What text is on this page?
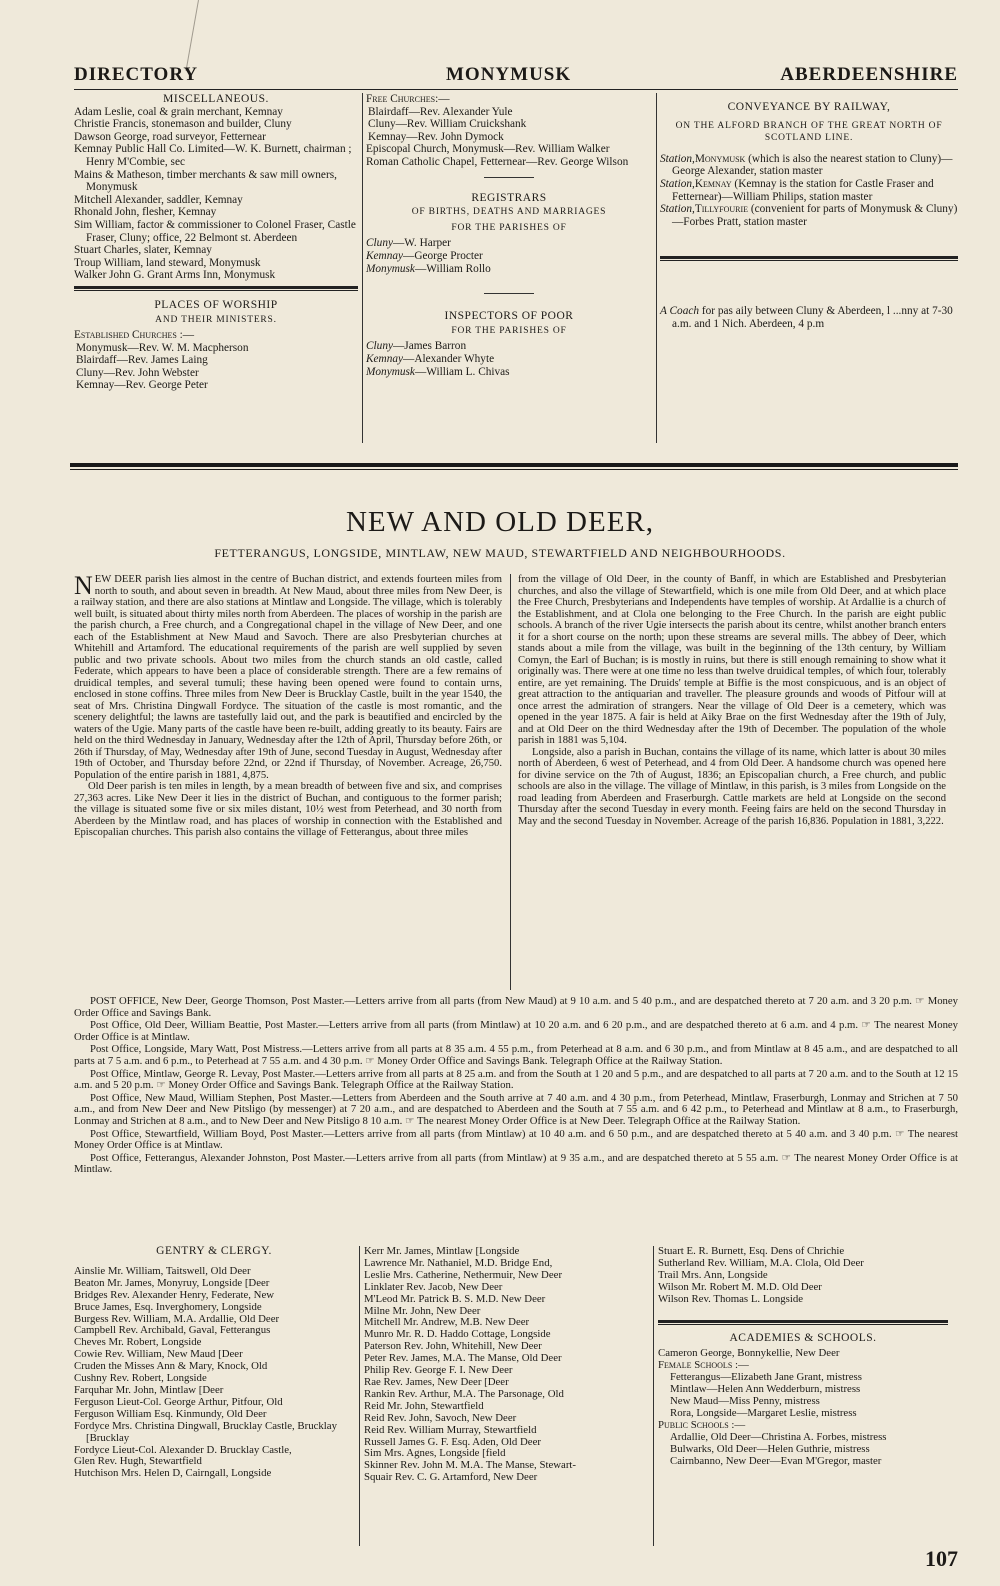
DIRECTORY	MONYMUSK	ABERDEENSHIRE

MISCELLANEOUS.

Adam Leslie, coal & grain merchant, Kemnay

Christie Francis, stonemason and builder, Cluny

Dawson George, road surveyor, Fetternear

Kemnay Public Hall Co. Limited—W. K. Burnett, chairman ; Henry M'Combie, sec

Mains & Matheson, timber merchants & saw mill owners, Monymusk

Mitchell Alexander, saddler, Kemnay

Rhonald John, flesher, Kemnay

Sim William, factor & commissioner to Colonel Fraser, Castle Fraser, Cluny; office, 22 Belmont st. Aberdeen

Stuart Charles, slater, Kemnay

Troup William, land steward, Monymusk

Walker John G. Grant Arms Inn, Monymusk

PLACES OF WORSHIP

AND THEIR MINISTERS.

Established Churches :—

Monymusk—Rev. W. M. Macpherson

Blairdaff—Rev. James Laing

Cluny—Rev. John Webster

Kemnay—Rev. George Peter

Free Churches:—

Blairdaff—Rev. Alexander Yule

Cluny—Rev. William Cruickshank

Kemnay—Rev. John Dymock

Episcopal Church, Monymusk—Rev. William Walker

Roman Catholic Chapel, Fetternear—Rev. George Wilson

REGISTRARS

OF BIRTHS, DEATHS AND MARRIAGES

FOR THE PARISHES OF

Cluny—W. Harper

Kemnay—George Procter

Monymusk—William Rollo

INSPECTORS OF POOR

FOR THE PARISHES OF

Cluny—James Barron

Kemnay—Alexander Whyte

Monymusk—William L. Chivas

CONVEYANCE BY RAILWAY,

ON THE ALFORD BRANCH OF THE GREAT NORTH OF SCOTLAND LINE.

Station,Monymusk (which is also the nearest station to Cluny)—George Alexander, station master

Station,Kemnay (Kemnay is the station for Castle Fraser and Fetternear)—William Philips, station master

Station,Tillyfourie (convenient for parts of Monymusk & Cluny)—Forbes Pratt, station master

A Coach for pas aily between Cluny & Aberdeen, l ...nny at 7-30 a.m. and 1 Nich. Aberdeen, 4 p.m

NEW AND OLD DEER,

FETTERANGUS, LONGSIDE, MINTLAW, NEW MAUD, STEWARTFIELD AND NEIGHBOURHOODS.

NEW DEER parish lies almost in the centre of Buchan district, and extends fourteen miles from north to south, and about seven in breadth. At New Maud, about three miles from New Deer, is a railway station, and there are also stations at Mintlaw and Longside. The village, which is tolerably well built, is situated about thirty miles north from Aberdeen. The places of worship in the parish are the parish church, a Free church, and a Congregational chapel in the village of New Deer, and one each of the Establishment at New Maud and Savoch. There are also Presbyterian churches at Whitehill and Artamford. The educational requirements of the parish are well supplied by seven public and two private schools. About two miles from the church stands an old castle, called Federate, which appears to have been a place of considerable strength. There are a few remains of druidical temples, and several tumuli; these having been opened were found to contain urns, enclosed in stone coffins. Three miles from New Deer is Brucklay Castle, built in the year 1540, the seat of Mrs. Christina Dingwall Fordyce. The situation of the castle is most romantic, and the scenery delightful; the lawns are tastefully laid out, and the park is beautified and encircled by the waters of the Ugie. Many parts of the castle have been re-built, adding greatly to its beauty. Fairs are held on the third Wednesday in January, Wednesday after the 12th of April, Thursday before 26th, or 26th if Thursday, of May, Wednesday after 19th of June, second Tuesday in August, Wednesday after 19th of October, and Thursday before 22nd, or 22nd if Thursday, of November. Acreage, 26,750. Population of the entire parish in 1881, 4,875.

Old Deer parish is ten miles in length, by a mean breadth of between five and six, and comprises 27,363 acres. Like New Deer it lies in the district of Buchan, and contiguous to the former parish; the village is situated some five or six miles distant, 10½ west from Peterhead, and 30 north from Aberdeen by the Mintlaw road, and has places of worship in connection with the Established and Episcopalian churches. This parish also contains the village of Fetterangus, about three miles

from the village of Old Deer, in the county of Banff, in which are Established and Presbyterian churches, and also the village of Stewartfield, which is one mile from Old Deer, and at which place the Free Church, Presbyterians and Independents have temples of worship. At Ardallie is a church of the Establishment, and at Clola one belonging to the Free Church. In the parish are eight public schools. A branch of the river Ugie intersects the parish about its centre, whilst another branch enters it for a short course on the north; upon these streams are several mills. The abbey of Deer, which stands about a mile from the village, was built in the beginning of the 13th century, by William Comyn, the Earl of Buchan; is is mostly in ruins, but there is still enough remaining to show what it originally was. There were at one time no less than twelve druidical temples, of which four, tolerably entire, are yet remaining. The Druids' temple at Biffie is the most conspicuous, and is an object of great attraction to the antiquarian and traveller. The pleasure grounds and woods of Pitfour will at once arrest the admiration of strangers. Near the village of Old Deer is a cemetery, which was opened in the year 1875. A fair is held at Aiky Brae on the first Wednesday after the 19th of July, and at Old Deer on the third Wednesday after the 19th of December. The population of the whole parish in 1881 was 5,104.

Longside, also a parish in Buchan, contains the village of its name, which latter is about 30 miles north of Aberdeen, 6 west of Peterhead, and 4 from Old Deer. A handsome church was opened here for divine service on the 7th of August, 1836; an Episcopalian church, a Free church, and public schools are also in the village. The village of Mintlaw, in this parish, is 3 miles from Longside on the road leading from Aberdeen and Fraserburgh. Cattle markets are held at Longside on the second Thursday after the second Tuesday in every month. Feeing fairs are held on the second Thursday in May and the second Tuesday in November. Acreage of the parish 16,836. Population in 1881, 3,222.

POST OFFICE, New Deer, George Thomson, Post Master.—Letters arrive from all parts (from New Maud) at 9 10 a.m. and 5 40 p.m., and are despatched thereto at 7 20 a.m. and 3 20 p.m. ☞ Money Order Office and Savings Bank.

Post Office, Old Deer, William Beattie, Post Master.—Letters arrive from all parts (from Mintlaw) at 10 20 a.m. and 6 20 p.m., and are despatched thereto at 6 a.m. and 4 p.m. ☞ The nearest Money Order Office is at Mintlaw.

Post Office, Longside, Mary Watt, Post Mistress.—Letters arrive from all parts at 8 35 a.m. 4 55 p.m., from Peterhead at 8 a.m. and 6 30 p.m., and from Mintlaw at 8 45 a.m., and are despatched to all parts at 7 5 a.m. and 6 p.m., to Peterhead at 7 55 a.m. and 4 30 p.m. ☞ Money Order Office and Savings Bank. Telegraph Office at the Railway Station.

Post Office, Mintlaw, George R. Levay, Post Master.—Letters arrive from all parts at 8 25 a.m. and from the South at 1 20 and 5 p.m., and are despatched to all parts at 7 20 a.m. and to the South at 12 15 a.m. and 5 20 p.m. ☞ Money Order Office and Savings Bank. Telegraph Office at the Railway Station.

Post Office, New Maud, William Stephen, Post Master.—Letters from Aberdeen and the South arrive at 7 40 a.m. and 4 30 p.m., from Peterhead, Mintlaw, Fraserburgh, Lonmay and Strichen at 7 50 a.m., and from New Deer and New Pitsligo (by messenger) at 7 20 a.m., and are despatched to Aberdeen and the South at 7 55 a.m. and 6 42 p.m., to Peterhead and Mintlaw at 8 a.m., to Fraserburgh, Lonmay and Strichen at 8 a.m., and to New Deer and New Pitsligo 8 10 a.m. ☞ The nearest Money Order Office is at New Deer. Telegraph Office at the Railway Station.

Post Office, Stewartfield, William Boyd, Post Master.—Letters arrive from all parts (from Mintlaw) at 10 40 a.m. and 6 50 p.m., and are despatched thereto at 5 40 a.m. and 3 40 p.m. ☞ The nearest Money Order Office is at Mintlaw.

Post Office, Fetterangus, Alexander Johnston, Post Master.—Letters arrive from all parts (from Mintlaw) at 9 35 a.m., and are despatched thereto at 5 55 a.m. ☞ The nearest Money Order Office is at Mintlaw.

GENTRY & CLERGY.

Ainslie Mr. William, Taitswell, Old Deer

Beaton Mr. James, Monyruy, Longside [Deer

Bridges Rev. Alexander Henry, Federate, New

Bruce James, Esq. Inverghomery, Longside

Burgess Rev. William, M.A. Ardallie, Old Deer

Campbell Rev. Archibald, Gaval, Fetterangus

Cheves Mr. Robert, Longside

Cowie Rev. William, New Maud [Deer

Cruden the Misses Ann & Mary, Knock, Old

Cushny Rev. Robert, Longside

Farquhar Mr. John, Mintlaw [Deer

Ferguson Lieut-Col. George Arthur, Pitfour, Old

Ferguson William Esq. Kinmundy, Old Deer

Fordyce Mrs. Christina Dingwall, Brucklay Castle, Brucklay [Brucklay

Fordyce Lieut-Col. Alexander D. Brucklay Castle,

Glen Rev. Hugh, Stewartfield

Hutchison Mrs. Helen D, Cairngall, Longside

Kerr Mr. James, Mintlaw [Longside

Lawrence Mr. Nathaniel, M.D. Bridge End,

Leslie Mrs. Catherine, Nethermuir, New Deer

Linklater Rev. Jacob, New Deer

M'Leod Mr. Patrick B. S. M.D. New Deer

Milne Mr. John, New Deer

Mitchell Mr. Andrew, M.B. New Deer

Munro Mr. R. D. Haddo Cottage, Longside

Paterson Rev. John, Whitehill, New Deer

Peter Rev. James, M.A. The Manse, Old Deer

Philip Rev. George F. I. New Deer

Rae Rev. James, New Deer [Deer

Rankin Rev. Arthur, M.A. The Parsonage, Old

Reid Mr. John, Stewartfield

Reid Rev. John, Savoch, New Deer

Reid Rev. William Murray, Stewartfield

Russell James G. F. Esq. Aden, Old Deer

Sim Mrs. Agnes, Longside [field

Skinner Rev. John M. M.A. The Manse, Stewart-

Squair Rev. C. G. Artamford, New Deer

Stuart E. R. Burnett, Esq. Dens of Chrichie

Sutherland Rev. William, M.A. Clola, Old Deer

Trail Mrs. Ann, Longside

Wilson Mr. Robert M. M.D. Old Deer

Wilson Rev. Thomas L. Longside

ACADEMIES & SCHOOLS.

Cameron George, Bonnykellie, New Deer

Female Schools :—

Fetterangus—Elizabeth Jane Grant, mistress

Mintlaw—Helen Ann Wedderburn, mistress

New Maud—Miss Penny, mistress

Rora, Longside—Margaret Leslie, mistress

Public Schools :—

Ardallie, Old Deer—Christina A. Forbes, mistress

Bulwarks, Old Deer—Helen Guthrie, mistress

Cairnbanno, New Deer—Evan M'Gregor, master

107
